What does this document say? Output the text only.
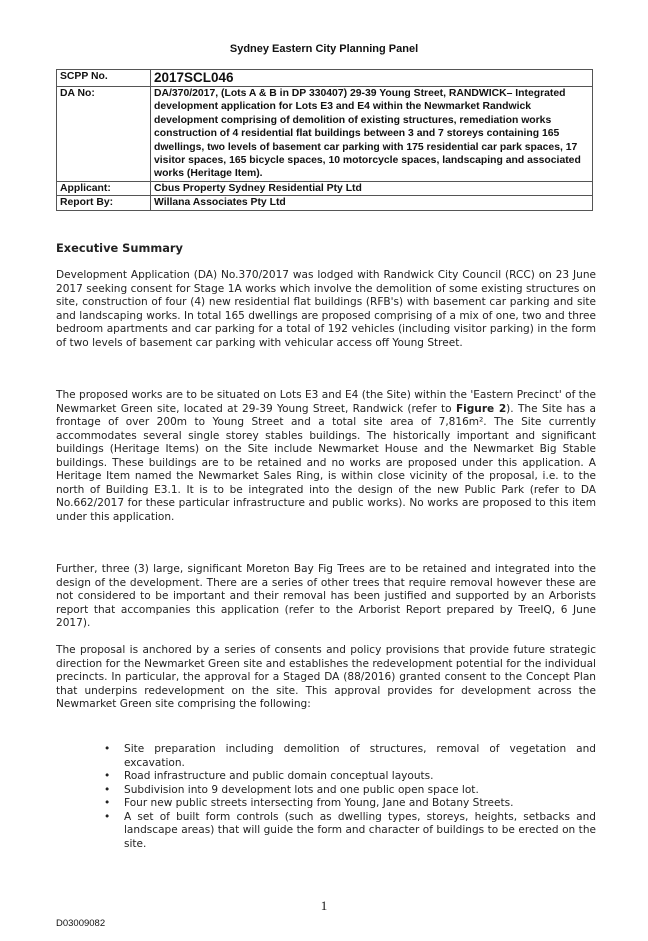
Sydney Eastern City Planning Panel
SCPP No.	2017SCL046
DA No:	DA/370/2017, (Lots A & B in DP 330407) 29-39 Young Street, RANDWICK– Integrated development application for Lots E3 and E4 within the Newmarket Randwick development comprising of demolition of existing structures, remediation works construction of 4 residential flat buildings between 3 and 7 storeys containing 165 dwellings, two levels of basement car parking with 175 residential car park spaces, 17 visitor spaces, 165 bicycle spaces, 10 motorcycle spaces, landscaping and associated works (Heritage Item).
Applicant:	Cbus Property Sydney Residential Pty Ltd
Report By:	Willana Associates Pty Ltd
Executive Summary
Development Application (DA) No.370/2017 was lodged with Randwick City Council (RCC) on 23 June 2017 seeking consent for Stage 1A works which involve the demolition of some existing structures on site, construction of four (4) new residential flat buildings (RFB's) with basement car parking and site and landscaping works. In total 165 dwellings are proposed comprising of a mix of one, two and three bedroom apartments and car parking for a total of 192 vehicles (including visitor parking) in the form of two levels of basement car parking with vehicular access off Young Street.
The proposed works are to be situated on Lots E3 and E4 (the Site) within the 'Eastern Precinct' of the Newmarket Green site, located at 29-39 Young Street, Randwick (refer to Figure 2). The Site has a frontage of over 200m to Young Street and a total site area of 7,816m². The Site currently accommodates several single storey stables buildings. The historically important and significant buildings (Heritage Items) on the Site include Newmarket House and the Newmarket Big Stable buildings. These buildings are to be retained and no works are proposed under this application. A Heritage Item named the Newmarket Sales Ring, is within close vicinity of the proposal, i.e. to the north of Building E3.1. It is to be integrated into the design of the new Public Park (refer to DA No.662/2017 for these particular infrastructure and public works). No works are proposed to this item under this application.
Further, three (3) large, significant Moreton Bay Fig Trees are to be retained and integrated into the design of the development. There are a series of other trees that require removal however these are not considered to be important and their removal has been justified and supported by an Arborists report that accompanies this application (refer to the Arborist Report prepared by TreeIQ, 6 June 2017).
The proposal is anchored by a series of consents and policy provisions that provide future strategic direction for the Newmarket Green site and establishes the redevelopment potential for the individual precincts. In particular, the approval for a Staged DA (88/2016) granted consent to the Concept Plan that underpins redevelopment on the site. This approval provides for development across the Newmarket Green site comprising the following:
• Site preparation including demolition of structures, removal of vegetation and excavation.
• Road infrastructure and public domain conceptual layouts.
• Subdivision into 9 development lots and one public open space lot.
• Four new public streets intersecting from Young, Jane and Botany Streets.
• A set of built form controls (such as dwelling types, storeys, heights, setbacks and landscape areas) that will guide the form and character of buildings to be erected on the site.
1
D03009082
